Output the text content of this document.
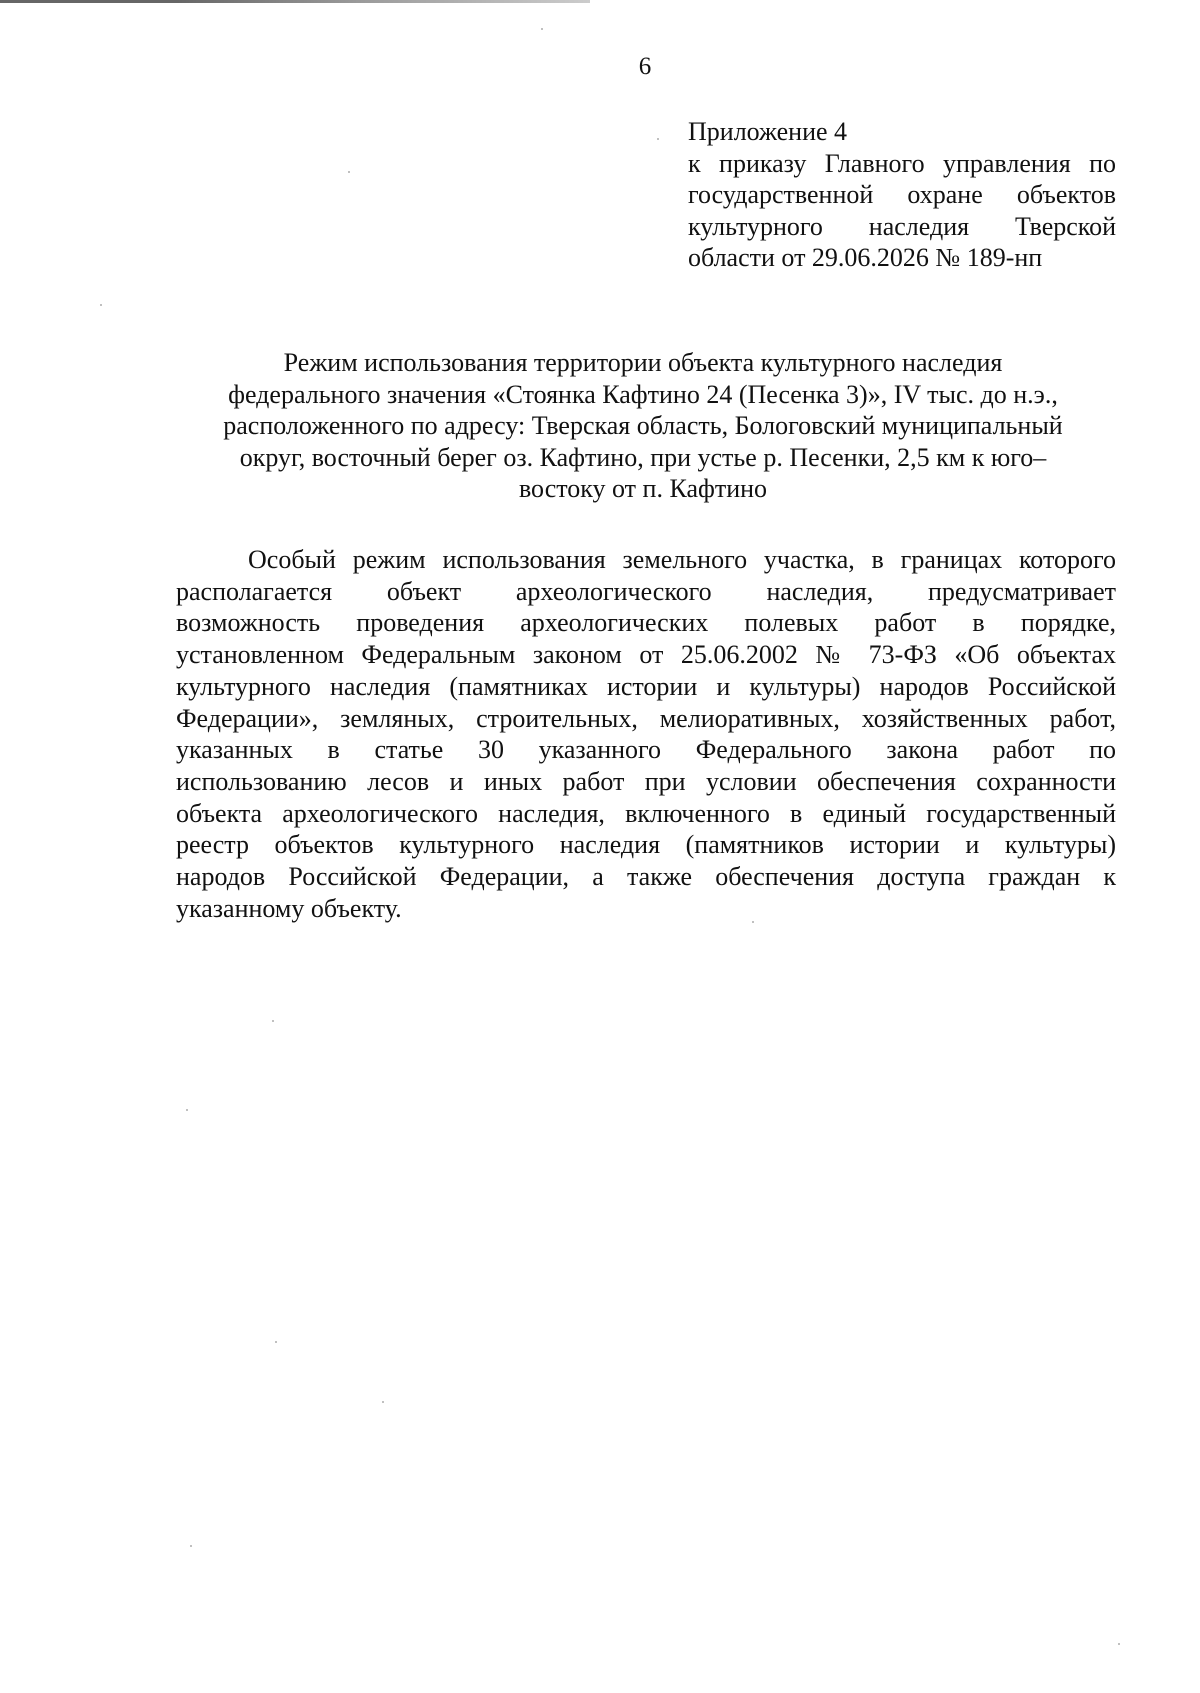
6
Приложение 4
к приказу Главного управления по
государственной охране объектов
культурного наследия Тверской
области от 29.06.2026 № 189-нп
Режим использования территории объекта культурного наследия
федерального значения «Стоянка Кафтино 24 (Песенка 3)», IV тыс. до н.э.,
расположенного по адресу: Тверская область, Бологовский муниципальный
округ, восточный берег оз. Кафтино, при устье р. Песенки, 2,5 км к юго–
востоку от п. Кафтино
Особый режим использования земельного участка, в границах которого
располагается объект археологического наследия, предусматривает
возможность проведения археологических полевых работ в порядке,
установленном Федеральным законом от 25.06.2002 № 73-ФЗ «Об объектах
культурного наследия (памятниках истории и культуры) народов Российской
Федерации», земляных, строительных, мелиоративных, хозяйственных работ,
указанных в статье 30 указанного Федерального закона работ по
использованию лесов и иных работ при условии обеспечения сохранности
объекта археологического наследия, включенного в единый государственный
реестр объектов культурного наследия (памятников истории и культуры)
народов Российской Федерации, а также обеспечения доступа граждан к
указанному объекту.
